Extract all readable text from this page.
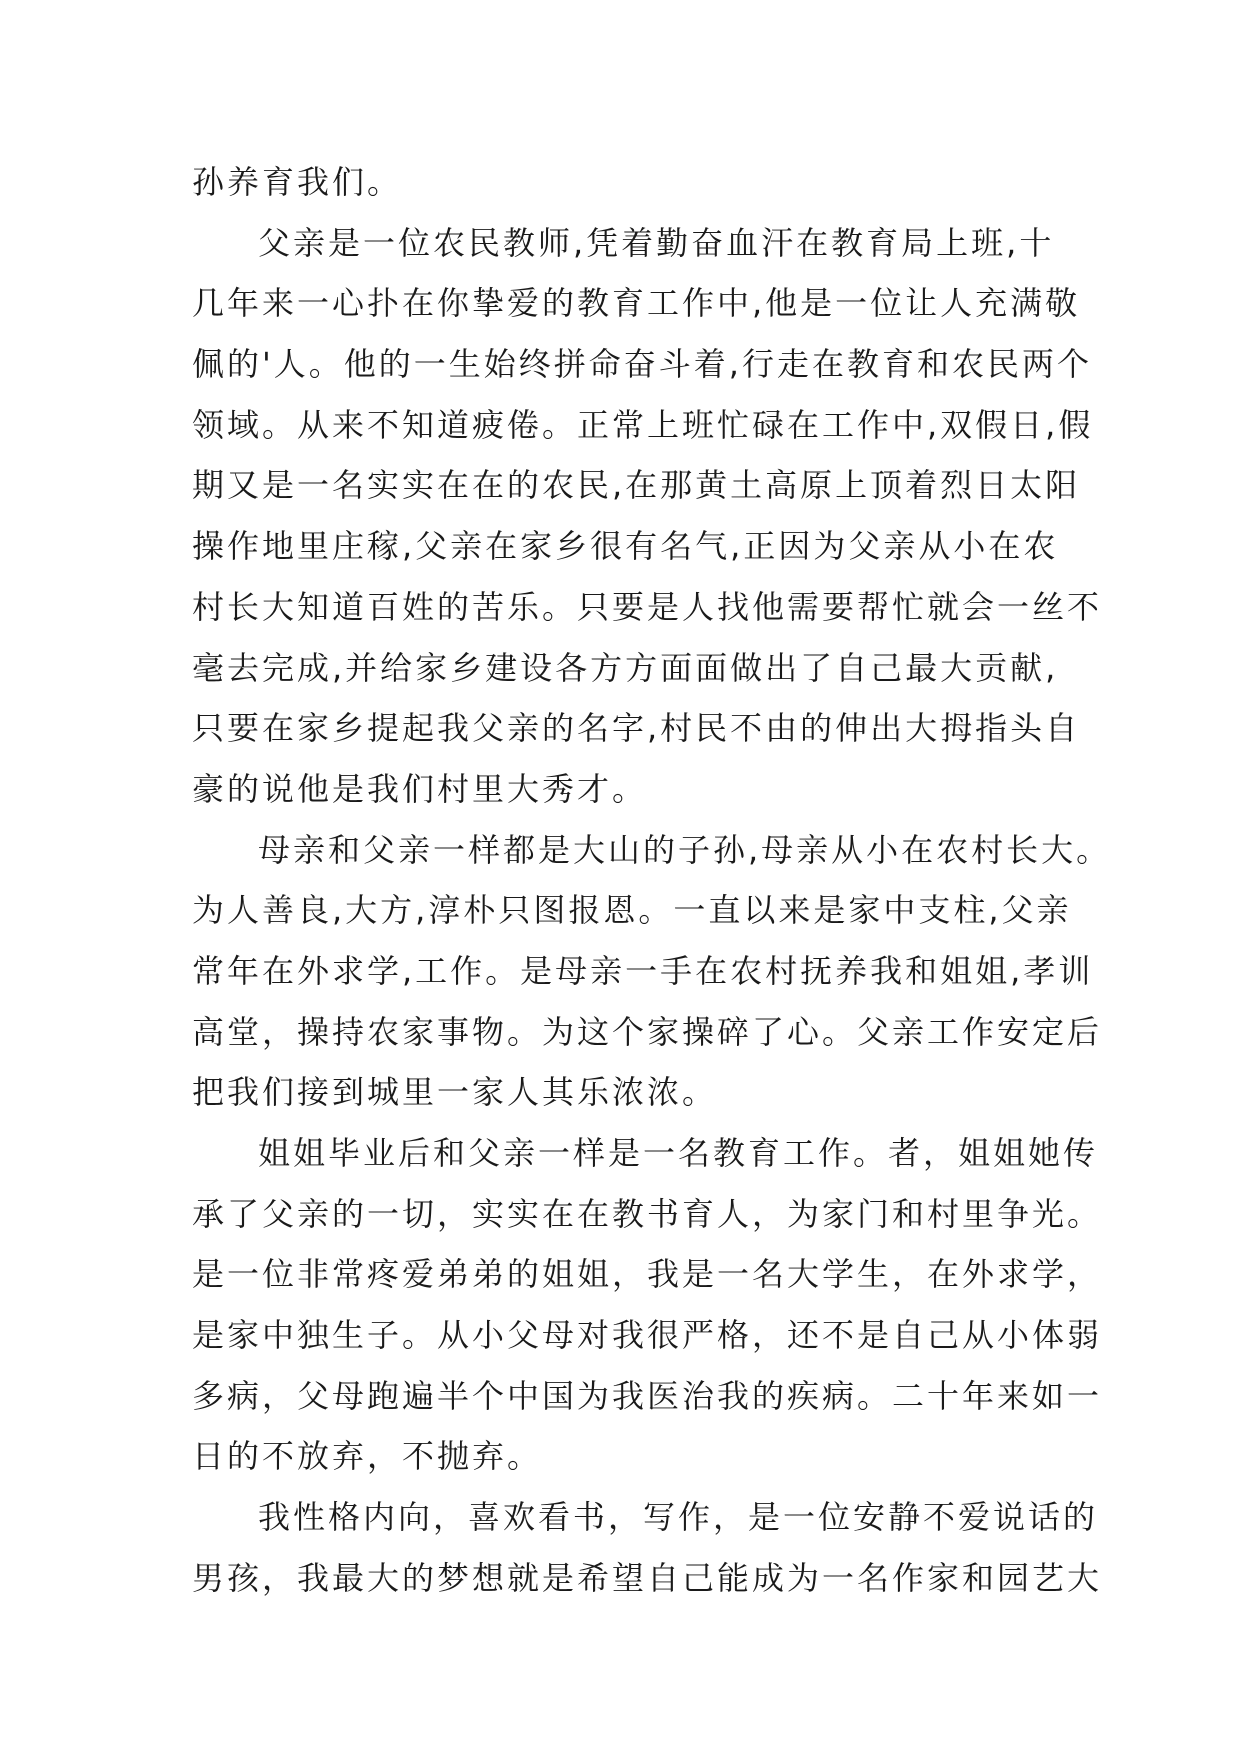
孙养育我们。
父亲是一位农民教师,凭着勤奋血汗在教育局上班,十
几年来一心扑在你挚爱的教育工作中,他是一位让人充满敬
佩的'人。他的一生始终拼命奋斗着,行走在教育和农民两个
领域。从来不知道疲倦。正常上班忙碌在工作中,双假日,假
期又是一名实实在在的农民,在那黄土高原上顶着烈日太阳
操作地里庄稼,父亲在家乡很有名气,正因为父亲从小在农
村长大知道百姓的苦乐。只要是人找他需要帮忙就会一丝不
毫去完成,并给家乡建设各方方面面做出了自己最大贡献,
只要在家乡提起我父亲的名字,村民不由的伸出大拇指头自
豪的说他是我们村里大秀才。
母亲和父亲一样都是大山的子孙,母亲从小在农村长大。
为人善良,大方,淳朴只图报恩。一直以来是家中支柱,父亲
常年在外求学,工作。是母亲一手在农村抚养我和姐姐,孝训
高堂，操持农家事物。为这个家操碎了心。父亲工作安定后
把我们接到城里一家人其乐浓浓。
姐姐毕业后和父亲一样是一名教育工作。者，姐姐她传
承了父亲的一切，实实在在教书育人，为家门和村里争光。
是一位非常疼爱弟弟的姐姐，我是一名大学生，在外求学，
是家中独生子。从小父母对我很严格，还不是自己从小体弱
多病，父母跑遍半个中国为我医治我的疾病。二十年来如一
日的不放弃，不抛弃。
我性格内向，喜欢看书，写作，是一位安静不爱说话的
男孩，我最大的梦想就是希望自己能成为一名作家和园艺大
